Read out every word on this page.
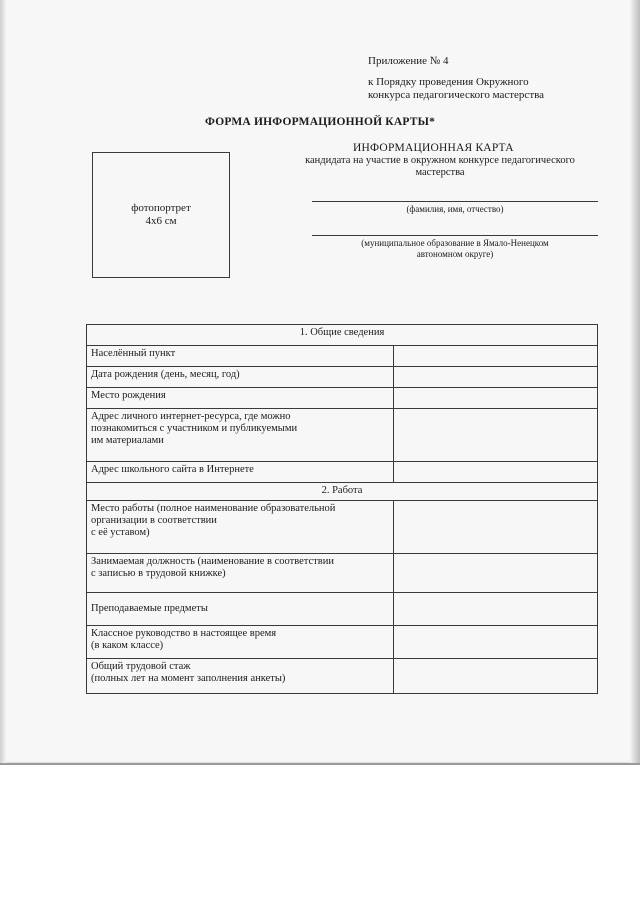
Приложение № 4
к Порядку проведения Окружного
конкурса педагогического мастерства
ФОРМА ИНФОРМАЦИОННОЙ КАРТЫ*
фотопортрет
4х6 см
ИНФОРМАЦИОННАЯ КАРТА
кандидата на участие в окружном конкурсе педагогического
мастерства
(фамилия, имя, отчество)
(муниципальное образование в Ямало-Ненецком
автономном округе)
1. Общие сведения	

Населённый пункт	

Дата рождения (день, месяц, год)	

Место рождения	

Адрес личного интернет-ресурса, где можно
познакомиться с участником и публикуемыми
им материалами	

Адрес школьного сайта в Интернете	

2. Работа	

Место работы (полное наименование образовательной
организации в соответствии
с её уставом)	

Занимаемая должность (наименование в соответствии
с записью в трудовой книжке)	

Преподаваемые предметы	

Классное руководство в настоящее время
(в каком классе)	

Общий трудовой стаж
(полных лет на момент заполнения анкеты)	
